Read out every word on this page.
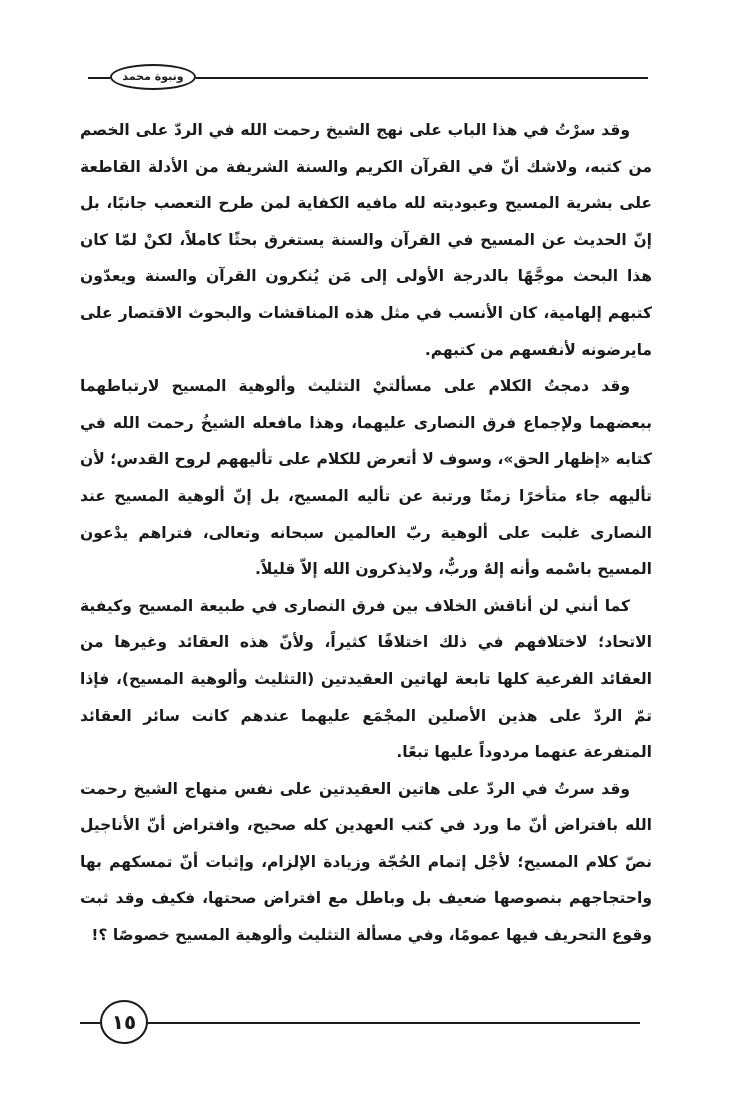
ونبوة محمد

وقد سرْتُ في هذا الباب على نهج الشيخ رحمت الله في الردّ على الخصم من كتبه، ولاشك أنّ في القرآن الكريم والسنة الشريفة من الأدلة القاطعة على بشرية المسيح وعبوديته لله مافيه الكفاية لمن طرح التعصب جانبًا، بل إنّ الحديث عن المسيح في القرآن والسنة يستغرق بحثًا كاملاً، لكنْ لمّا كان هذا البحث موجَّهًا بالدرجة الأولى إلى مَن يُنكرون القرآن والسنة ويعدّون كتبهم إلهامية، كان الأنسب في مثل هذه المناقشات والبحوث الاقتصار على مايرضونه لأنفسهم من كتبهم.

وقد دمجتُ الكلام على مسألتيْ التثليث وألوهية المسيح لارتباطهما ببعضهما ولإجماع فرق النصارى عليهما، وهذا مافعله الشيخُ رحمت الله في كتابه «إظهار الحق»، وسوف لا أتعرض للكلام على تأليههم لروح القدس؛ لأن تأليهه جاء متأخرًا زمنًا ورتبة عن تأليه المسيح، بل إنّ ألوهية المسيح عند النصارى غلبت على ألوهية ربّ العالمين سبحانه وتعالى، فتراهم يدْعون المسيح باسْمه وأنه إلهٌ وربٌّ، ولايذكرون الله إلاّ قليلاً.

كما أنني لن أناقش الخلاف بين فرق النصارى في طبيعة المسيح وكيفية الاتحاد؛ لاختلافهم في ذلك اختلافًا كثيراً، ولأنّ هذه العقائد وغيرها من العقائد الفرعية كلها تابعة لهاتين العقيدتين (التثليث وألوهية المسيح)، فإذا تمّ الردّ على هذين الأصلين المجْمَع عليهما عندهم كانت سائر العقائد المتفرعة عنهما مردوداً عليها تبعًا.

وقد سرتُ في الردّ على هاتين العقيدتين على نفس منهاج الشيخ رحمت الله بافتراض أنّ ما ورد في كتب العهدين كله صحيح، وافتراض أنّ الأناجيل نصّ كلام المسيح؛ لأجْل إتمام الحُجّة وزيادة الإلزام، وإثبات أنّ تمسكهم بها واحتجاجهم بنصوصها ضعيف بل وباطل مع افتراض صحتها، فكيف وقد ثبت وقوع التحريف فيها عمومًا، وفي مسألة التثليث وألوهية المسيح خصوصًا ؟!

١٥
